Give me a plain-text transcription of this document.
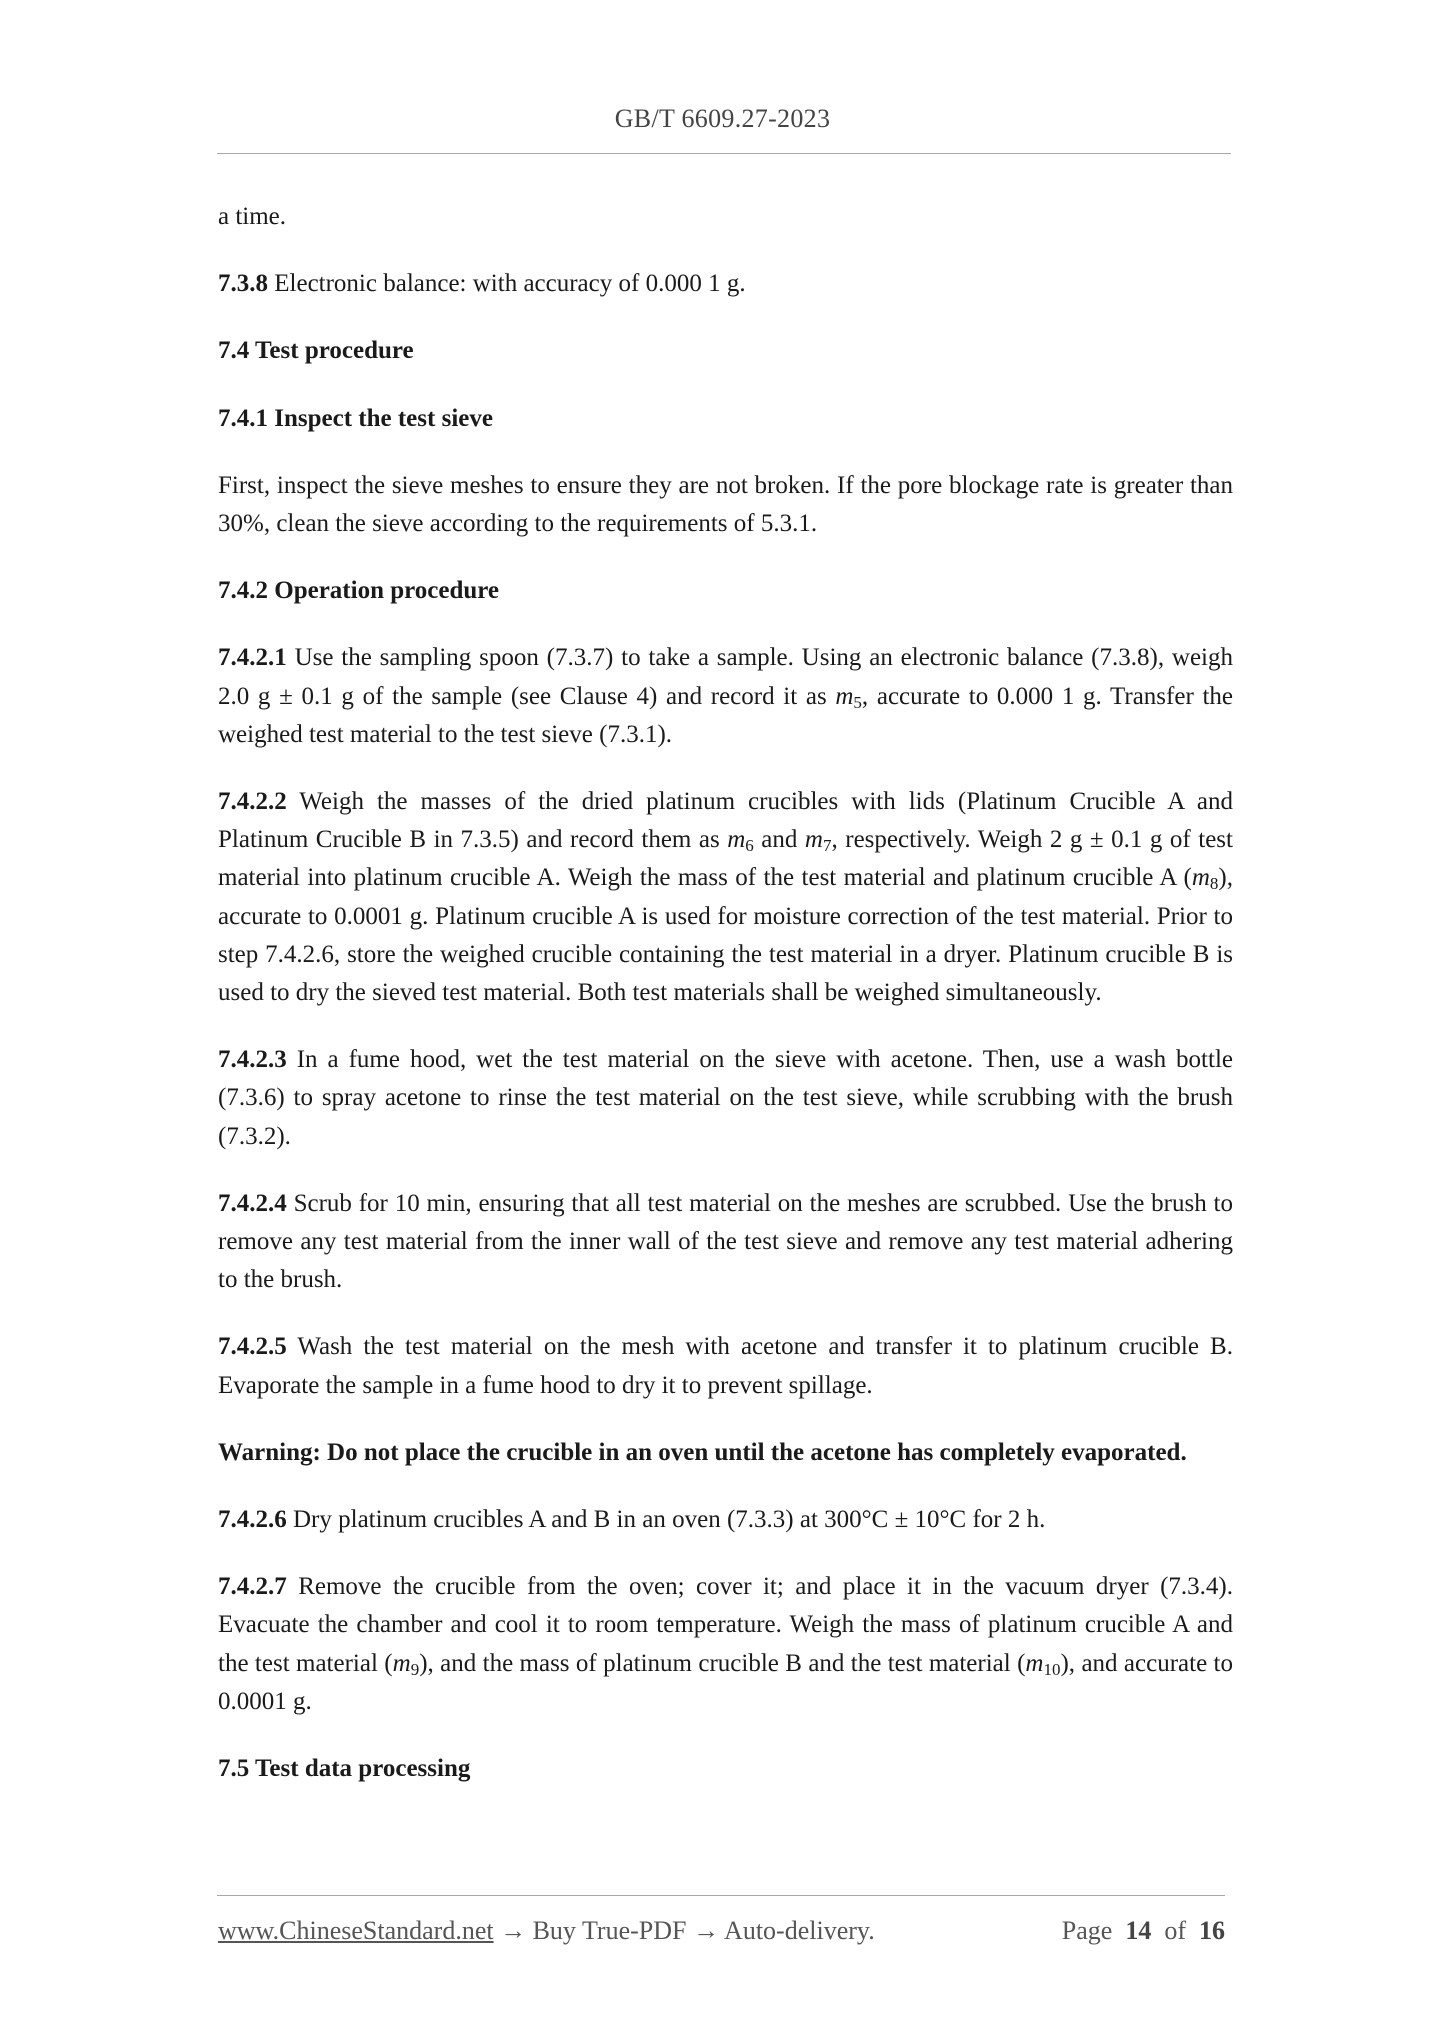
GB/T 6609.27-2023

a time.

7.3.8 Electronic balance: with accuracy of 0.000 1 g.

7.4 Test procedure

7.4.1 Inspect the test sieve

First, inspect the sieve meshes to ensure they are not broken. If the pore blockage rate is greater than 30%, clean the sieve according to the requirements of 5.3.1.

7.4.2 Operation procedure

7.4.2.1 Use the sampling spoon (7.3.7) to take a sample. Using an electronic balance (7.3.8), weigh 2.0 g ± 0.1 g of the sample (see Clause 4) and record it as $m_5$, accurate to 0.000 1 g. Transfer the weighed test material to the test sieve (7.3.1).

7.4.2.2 Weigh the masses of the dried platinum crucibles with lids (Platinum Crucible A and Platinum Crucible B in 7.3.5) and record them as $m_6$ and $m_7$, respectively. Weigh 2 g ± 0.1 g of test material into platinum crucible A. Weigh the mass of the test material and platinum crucible A $(m_8)$, accurate to 0.0001 g. Platinum crucible A is used for moisture correction of the test material. Prior to step 7.4.2.6, store the weighed crucible containing the test material in a dryer. Platinum crucible B is used to dry the sieved test material. Both test materials shall be weighed simultaneously.

7.4.2.3 In a fume hood, wet the test material on the sieve with acetone. Then, use a wash bottle (7.3.6) to spray acetone to rinse the test material on the test sieve, while scrubbing with the brush (7.3.2).

7.4.2.4 Scrub for 10 min, ensuring that all test material on the meshes are scrubbed. Use the brush to remove any test material from the inner wall of the test sieve and remove any test material adhering to the brush.

7.4.2.5 Wash the test material on the mesh with acetone and transfer it to platinum crucible B. Evaporate the sample in a fume hood to dry it to prevent spillage.

Warning: Do not place the crucible in an oven until the acetone has completely evaporated.

7.4.2.6 Dry platinum crucibles A and B in an oven (7.3.3) at 300°C ± 10°C for 2 h.

7.4.2.7 Remove the crucible from the oven; cover it; and place it in the vacuum dryer (7.3.4). Evacuate the chamber and cool it to room temperature. Weigh the mass of platinum crucible A and the test material $(m_9)$, and the mass of platinum crucible B and the test material $(m_{10})$, and accurate to 0.0001 g.

7.5 Test data processing

www.ChineseStandard.net → Buy True-PDF → Auto-delivery.	Page 14 of 16
